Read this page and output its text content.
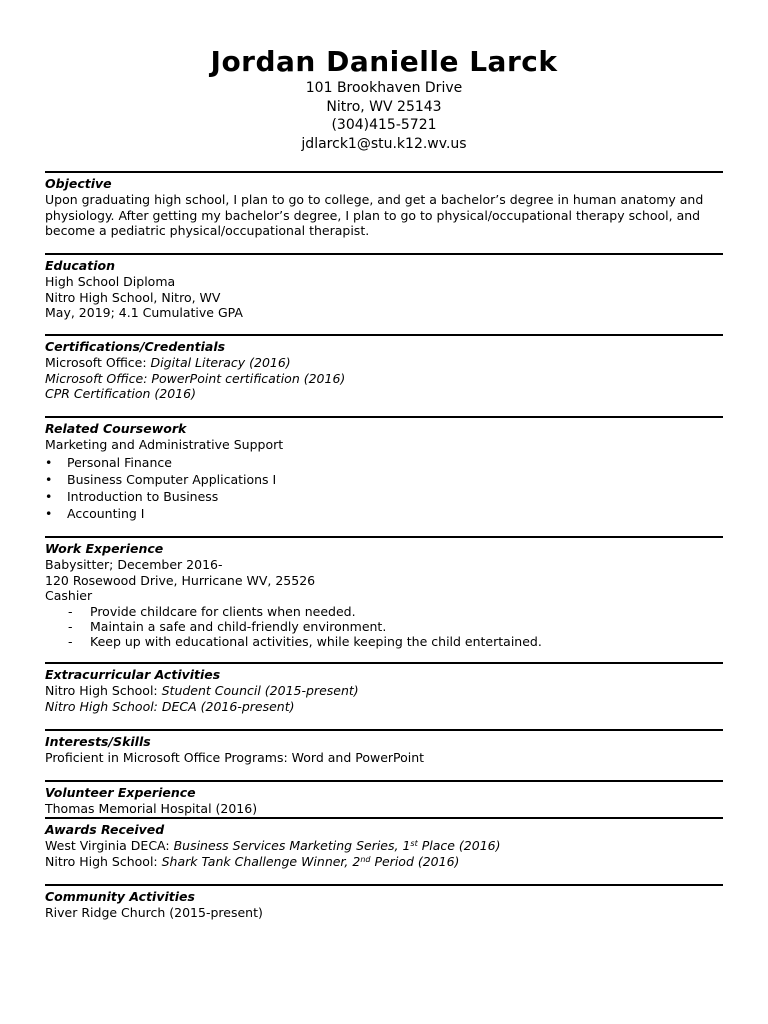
Jordan Danielle Larck
101 Brookhaven Drive
Nitro, WV 25143
(304)415-5721
jdlarck1@stu.k12.wv.us
Objective
Upon graduating high school, I plan to go to college, and get a bachelor’s degree in human anatomy and
physiology. After getting my bachelor’s degree, I plan to go to physical/occupational therapy school, and
become a pediatric physical/occupational therapist.
Education
High School Diploma
Nitro High School, Nitro, WV
May, 2019; 4.1 Cumulative GPA
Certifications/Credentials
Microsoft Office: Digital Literacy (2016)
Microsoft Office: PowerPoint certification (2016)
CPR Certification (2016)
Related Coursework
Marketing and Administrative Support
•	Personal Finance
•	Business Computer Applications I
•	Introduction to Business
•	Accounting I
Work Experience
Babysitter; December 2016-
120 Rosewood Drive, Hurricane WV, 25526
Cashier
-	Provide childcare for clients when needed.
-	Maintain a safe and child-friendly environment.
-	Keep up with educational activities, while keeping the child entertained.
Extracurricular Activities
Nitro High School: Student Council (2015-present)
Nitro High School: DECA (2016-present)
Interests/Skills
Proficient in Microsoft Office Programs: Word and PowerPoint
Volunteer Experience
Thomas Memorial Hospital (2016)
Awards Received
West Virginia DECA: Business Services Marketing Series, 1st Place (2016)
Nitro High School: Shark Tank Challenge Winner, 2nd Period (2016)
Community Activities
River Ridge Church (2015-present)
